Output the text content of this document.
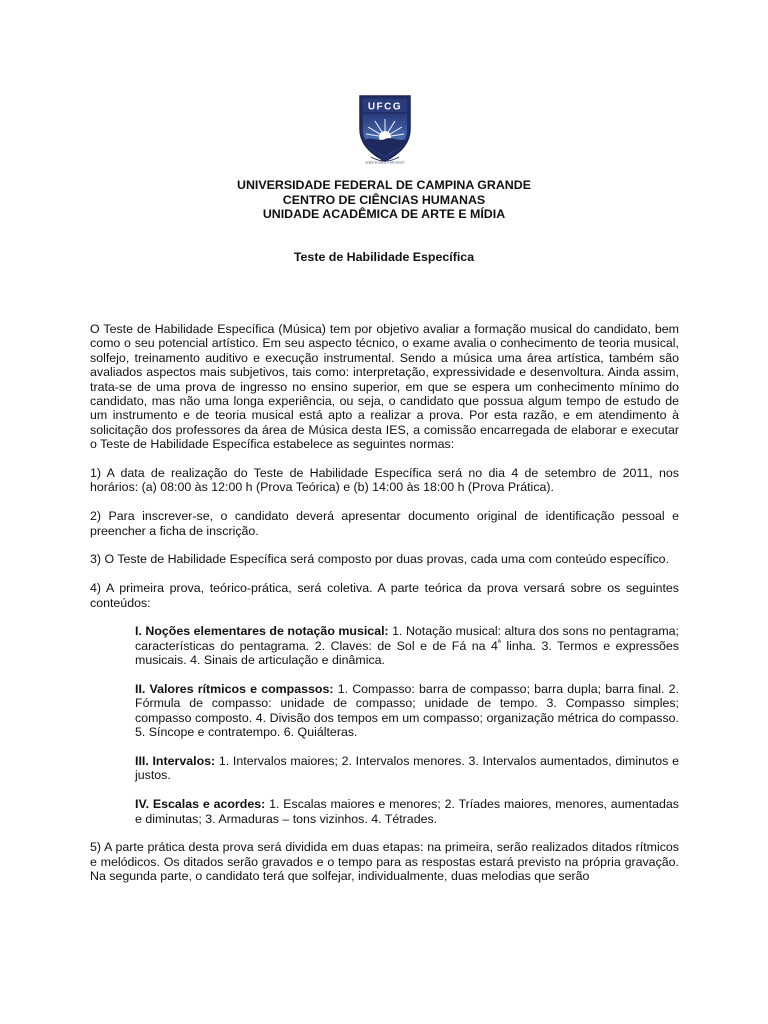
UFCG
SCIENTIA CRESCIT ARS DOCET
UNIVERSIDADE FEDERAL DE CAMPINA GRANDE
CENTRO DE CIÊNCIAS HUMANAS
UNIDADE ACADÊMICA DE ARTE E MÍDIA
Teste de Habilidade Específica

O Teste de Habilidade Específica (Música) tem por objetivo avaliar a formação musical do candidato, bem como o seu potencial artístico. Em seu aspecto técnico, o exame avalia o conhecimento de teoria musical, solfejo, treinamento auditivo e execução instrumental. Sendo a música uma área artística, também são avaliados aspectos mais subjetivos, tais como: interpretação, expressividade e desenvoltura. Ainda assim, trata-se de uma prova de ingresso no ensino superior, em que se espera um conhecimento mínimo do candidato, mas não uma longa experiência, ou seja, o candidato que possua algum tempo de estudo de um instrumento e de teoria musical está apto a realizar a prova. Por esta razão, e em atendimento à solicitação dos professores da área de Música desta IES, a comissão encarregada de elaborar e executar o Teste de Habilidade Específica estabelece as seguintes normas:

1) A data de realização do Teste de Habilidade Específica será no dia 4 de setembro de 2011, nos horários: (a) 08:00 às 12:00 h (Prova Teórica) e (b) 14:00 às 18:00 h (Prova Prática).

2) Para inscrever-se, o candidato deverá apresentar documento original de identificação pessoal e preencher a ficha de inscrição.

3) O Teste de Habilidade Específica será composto por duas provas, cada uma com conteúdo específico.

4) A primeira prova, teórico-prática, será coletiva. A parte teórica da prova versará sobre os seguintes conteúdos:

I. Noções elementares de notação musical: 1. Notação musical: altura dos sons no pentagrama; características do pentagrama. 2. Claves: de Sol e de Fá na $4^ª$ linha. 3. Termos e expressões musicais. 4. Sinais de articulação e dinâmica.

II. Valores rítmicos e compassos: 1. Compasso: barra de compasso; barra dupla; barra final. 2. Fórmula de compasso: unidade de compasso; unidade de tempo. 3. Compasso simples; compasso composto. 4. Divisão dos tempos em um compasso; organização métrica do compasso. 5. Síncope e contratempo. 6. Quiálteras.

III. Intervalos: 1. Intervalos maiores; 2. Intervalos menores. 3. Intervalos aumentados, diminutos e justos.

IV. Escalas e acordes: 1. Escalas maiores e menores; 2. Tríades maiores, menores, aumentadas e diminutas; 3. Armaduras – tons vizinhos. 4. Tétrades.

5) A parte prática desta prova será dividida em duas etapas: na primeira, serão realizados ditados rítmicos e melódicos. Os ditados serão gravados e o tempo para as respostas estará previsto na própria gravação. Na segunda parte, o candidato terá que solfejar, individualmente, duas melodias que serão
